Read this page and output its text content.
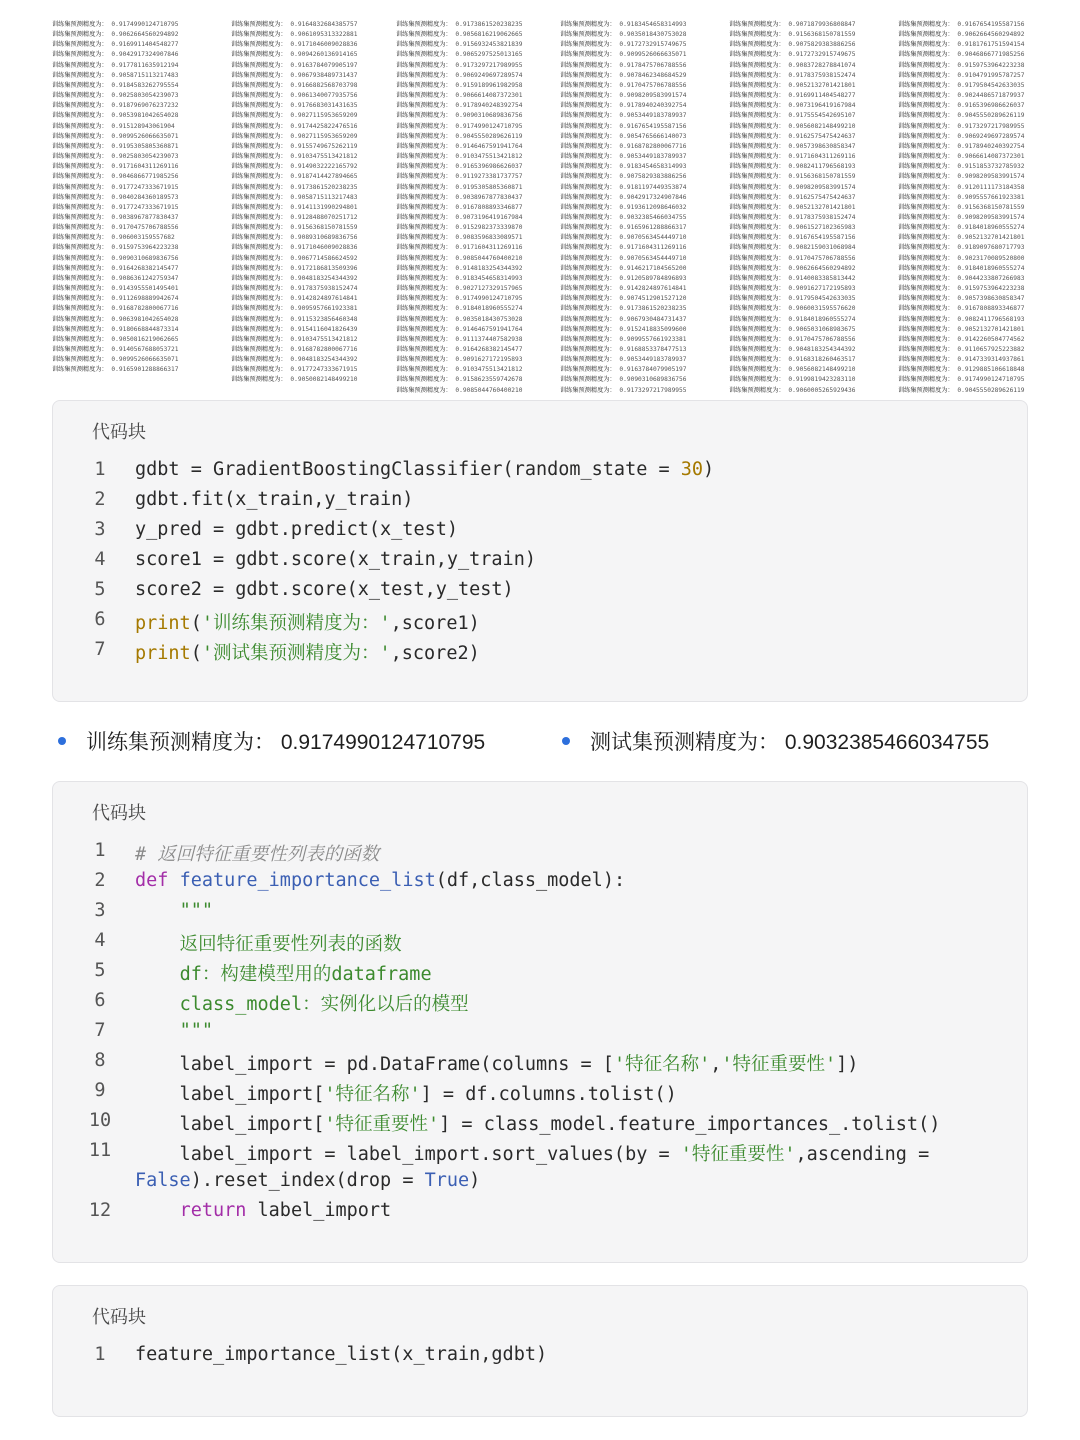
训练集预测精度为： 0.9174990124710795
训练集预测精度为： 0.9062664560294892
训练集预测精度为： 0.9169911404548277
训练集预测精度为： 0.9042917324907846
训练集预测精度为： 0.9177811635912194
训练集预测精度为： 0.9058715113217483
训练集预测精度为： 0.9184583262795554
训练集预测精度为： 0.9025803054239073
训练集预测精度为： 0.9187969076237232
训练集预测精度为： 0.9053981042654028
训练集预测精度为： 0.915128943061904
训练集预测精度为： 0.9099526066635071
训练集预测精度为： 0.9195305805360871
训练集预测精度为： 0.9025803054239073
训练集预测精度为： 0.9171604311269116
训练集预测精度为： 0.9046866771985256
训练集预测精度为： 0.9177247333671915
训练集预测精度为： 0.9040284360189573
训练集预测精度为： 0.9177247333671915
训练集预测精度为： 0.9038967877830437
训练集预测精度为： 0.9170475706788556
训练集预测精度为： 0.906003159557682
训练集预测精度为： 0.9159753964223238
训练集预测精度为： 0.9090310689836756
训练集预测精度为： 0.9164268382145477
训练集预测精度为： 0.9086361242759347
训练集预测精度为： 0.9143955501495401
训练集预测精度为： 0.9112698889942674
训练集预测精度为： 0.9168782800067716
训练集预测精度为： 0.9063981042654028
训练集预测精度为： 0.9180668844873314
训练集预测精度为： 0.9050816219062665
训练集预测精度为： 0.9140567688053721
训练集预测精度为： 0.9099526066635071
训练集预测精度为： 0.9165901288866317
训练集预测精度为： 0.9164832684385757
训练集预测精度为： 0.9061095313322881
训练集预测精度为： 0.9171046009028836
训练集预测精度为： 0.9094260136914165
训练集预测精度为： 0.9163784079905197
训练集预测精度为： 0.9067938489731437
训练集预测精度为： 0.9166882568703798
训练集预测精度为： 0.9061340077935756
训练集预测精度为： 0.9176683031431635
训练集预测精度为： 0.9027115953659209
训练集预测精度为： 0.9174425822476516
训练集预测精度为： 0.9027115953659209
训练集预测精度为： 0.9155749675262119
训练集预测精度为： 0.9103475513421812
训练集预测精度为： 0.9149032222165792
训练集预测精度为： 0.9187414427894665
训练集预测精度为： 0.9173861520238235
训练集预测精度为： 0.9058715113217483
训练集预测精度为： 0.9141131990294801
训练集预测精度为： 0.9128488070251712
训练集预测精度为： 0.9156368150781559
训练集预测精度为： 0.9089310689836756
训练集预测精度为： 0.9171046009028836
训练集预测精度为： 0.9067714586624592
训练集预测精度为： 0.9172186813509396
训练集预测精度为： 0.9048183254344392
训练集预测精度为： 0.9178375938152474
训练集预测精度为： 0.9142824897614841
训练集预测精度为： 0.9095957661923381
训练集预测精度为： 0.9115323856460348
训练集预测精度为： 0.9154116041826439
训练集预测精度为： 0.9103475513421812
训练集预测精度为： 0.9168782800067716
训练集预测精度为： 0.9048183254344392
训练集预测精度为： 0.9177247333671915
训练集预测精度为： 0.9050082148499210
训练集预测精度为： 0.9173861520238235
训练集预测精度为： 0.9056816219062665
训练集预测精度为： 0.9156932453821839
训练集预测精度为： 0.9065297525013165
训练集预测精度为： 0.9173297217989955
训练集预测精度为： 0.9069249697289574
训练集预测精度为： 0.9159189961982958
训练集预测精度为： 0.9066614087372301
训练集预测精度为： 0.9178940248392754
训练集预测精度为： 0.9090310689836756
训练集预测精度为： 0.9174990124710795
训练集预测精度为： 0.9045550289626119
训练集预测精度为： 0.9146467591941764
训练集预测精度为： 0.9103475513421812
训练集预测精度为： 0.9165396986626037
训练集预测精度为： 0.9119273381737757
训练集预测精度为： 0.9195305805360871
训练集预测精度为： 0.9038967877830437
训练集预测精度为： 0.9167808893346877
训练集预测精度为： 0.9073196419167984
训练集预测精度为： 0.9152982373339870
训练集预测精度为： 0.9083596833089571
训练集预测精度为： 0.9171604311269116
训练集预测精度为： 0.9085044760400210
训练集预测精度为： 0.9148183254344392
训练集预测精度为： 0.9183454658314993
训练集预测精度为： 0.9027127329157965
训练集预测精度为： 0.9174990124710795
训练集预测精度为： 0.9184018960555274
训练集预测精度为： 0.9035018430753028
训练集预测精度为： 0.9146467591941764
训练集预测精度为： 0.9111374407582938
训练集预测精度为： 0.9164268382145477
训练集预测精度为： 0.9091627172195893
训练集预测精度为： 0.9103475513421812
训练集预测精度为： 0.9158623559742678
训练集预测精度为： 0.9085044760400210
训练集预测精度为： 0.9183454658314993
训练集预测精度为： 0.9035018430753028
训练集预测精度为： 0.9172732915749675
训练集预测精度为： 0.9099526066635071
训练集预测精度为： 0.9178475706788556
训练集预测精度为： 0.9078462348684529
训练集预测精度为： 0.9170475706788556
训练集预测精度为： 0.9098209583991574
训练集预测精度为： 0.9178940240392754
训练集预测精度为： 0.9053449183789937
训练集预测精度为： 0.9167654195587156
训练集预测精度为： 0.9054765666140073
训练集预测精度为： 0.9168782800067716
训练集预测精度为： 0.9053449183789937
训练集预测精度为： 0.9183454658314993
训练集预测精度为： 0.9075829383886256
训练集预测精度为： 0.9181197449353874
训练集预测精度为： 0.9042917324907846
训练集预测精度为： 0.9193612098646032
训练集预测精度为： 0.9032385466034755
训练集预测精度为： 0.9165961288866317
训练集预测精度为： 0.9070563454449710
训练集预测精度为： 0.9171604311269116
训练集预测精度为： 0.9070563454449710
训练集预测精度为： 0.9146217104565200
训练集预测精度为： 0.9120589784896893
训练集预测精度为： 0.9142824897614841
训练集预测精度为： 0.9074512901527120
训练集预测精度为： 0.9173861520238235
训练集预测精度为： 0.9067930484731437
训练集预测精度为： 0.9152418835099600
训练集预测精度为： 0.9099557661923381
训练集预测精度为： 0.9168853378477513
训练集预测精度为： 0.9053449183789937
训练集预测精度为： 0.9163784079905197
训练集预测精度为： 0.9090310689836756
训练集预测精度为： 0.9173297217989955
训练集预测精度为： 0.9071879936808847
训练集预测精度为： 0.9156368150781559
训练集预测精度为： 0.9075829383886256
训练集预测精度为： 0.9172732915749675
训练集预测精度为： 0.9083728278841074
训练集预测精度为： 0.9178375938152474
训练集预测精度为： 0.9052132701421801
训练集预测精度为： 0.9169911404548277
训练集预测精度为： 0.9073196419167984
训练集预测精度为： 0.9175554542695107
训练集预测精度为： 0.9056082148499210
训练集预测精度为： 0.9162575475424637
训练集预测精度为： 0.9057398630858347
训练集预测精度为： 0.9171604311269116
训练集预测精度为： 0.9082411796568193
训练集预测精度为： 0.9156368150781559
训练集预测精度为： 0.9098209583991574
训练集预测精度为： 0.9162575475424637
训练集预测精度为： 0.9052132701421801
训练集预测精度为： 0.9178375938152474
训练集预测精度为： 0.9061527102365983
训练集预测精度为： 0.9167654195587156
训练集预测精度为： 0.9082159031068984
训练集预测精度为： 0.9170475706788556
训练集预测精度为： 0.9062664560294892
训练集预测精度为： 0.9140083385813442
训练集预测精度为： 0.9091627172195893
训练集预测精度为： 0.9179504542633035
训练集预测精度为： 0.9060031595576620
训练集预测精度为： 0.9184018960555274
训练集预测精度为： 0.9065031068983675
训练集预测精度为： 0.9170475706788556
训练集预测精度为： 0.9048183254344392
训练集预测精度为： 0.9168318260463517
训练集预测精度为： 0.9056082148499210
训练集预测精度为： 0.9199819423283110
训练集预测精度为： 0.9060005265929436
训练集预测精度为： 0.9167654195587156
训练集预测精度为： 0.9062664560294892
训练集预测精度为： 0.9181761751594154
训练集预测精度为： 0.9046866771985256
训练集预测精度为： 0.9159753964223238
训练集预测精度为： 0.9104791995787257
训练集预测精度为： 0.9179504542633035
训练集预测精度为： 0.9024486571879937
训练集预测精度为： 0.9165396986626037
训练集预测精度为： 0.9045550289626119
训练集预测精度为： 0.9173297217989955
训练集预测精度为： 0.9069249697289574
训练集预测精度为： 0.9178940240392754
训练集预测精度为： 0.9066614087372301
训练集预测精度为： 0.9151853732785932
训练集预测精度为： 0.9098209583991574
训练集预测精度为： 0.9120111173184358
训练集预测精度为： 0.9095557661923381
训练集预测精度为： 0.9156368150781559
训练集预测精度为： 0.9098209583991574
训练集预测精度为： 0.9184018960555274
训练集预测精度为： 0.9052132701421801
训练集预测精度为： 0.9189097680717793
训练集预测精度为： 0.9023170089520800
训练集预测精度为： 0.9184018960555274
训练集预测精度为： 0.9044233807266983
训练集预测精度为： 0.9159753964223238
训练集预测精度为： 0.9057398630858347
训练集预测精度为： 0.9167808893346877
训练集预测精度为： 0.9082411796568193
训练集预测精度为： 0.9052132701421801
训练集预测精度为： 0.9142260504774562
训练集预测精度为： 0.9110657925223882
训练集预测精度为： 0.9147339314937861
训练集预测精度为： 0.9129885106618848
训练集预测精度为： 0.9174990124710795
训练集预测精度为： 0.9045550289626119
代码块
1	gdbt = GradientBoostingClassifier(random_state = 30)
2	gdbt.fit(x_train,y_train)
3	y_pred = gdbt.predict(x_test)
4	score1 = gdbt.score(x_train,y_train)
5	score2 = gdbt.score(x_test,y_test)
6	print('训练集预测精度为：',score1)
7	print('测试集预测精度为：',score2)
训练集预测精度为： 0.9174990124710795	测试集预测精度为： 0.9032385466034755
代码块
1	# 返回特征重要性列表的函数
2	def feature_importance_list(df,class_model):
3	"""
4	返回特征重要性列表的函数
5	df：构建模型用的dataframe
6	class_model：实例化以后的模型
7	"""
8	label_import = pd.DataFrame(columns = ['特征名称','特征重要性'])
9	label_import['特征名称'] = df.columns.tolist()
10	label_import['特征重要性'] = class_model.feature_importances_.tolist()
11	label_import = label_import.sort_values(by = '特征重要性',ascending =
False).reset_index(drop = True)
12	return label_import
代码块
1	feature_importance_list(x_train,gdbt)
